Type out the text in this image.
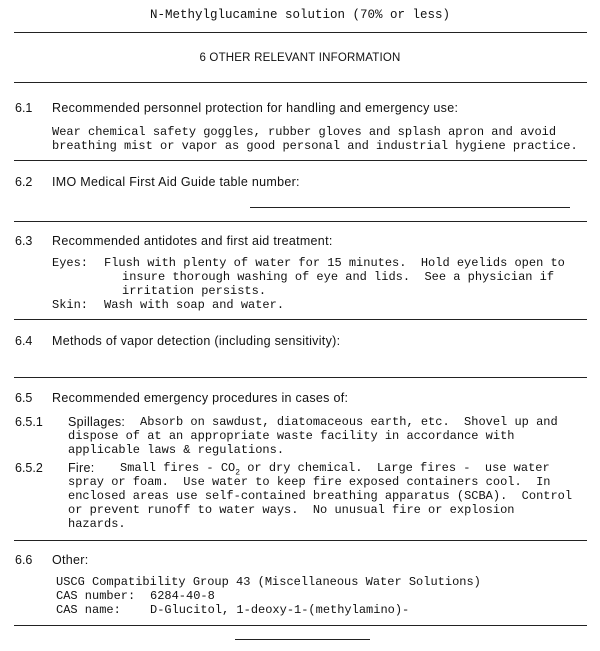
N-Methylglucamine solution (70% or less)
6 OTHER RELEVANT INFORMATION
6.1 Recommended personnel protection for handling and emergency use:
Wear chemical safety goggles, rubber gloves and splash apron and avoid
breathing mist or vapor as good personal and industrial hygiene practice.
6.2 IMO Medical First Aid Guide table number:
6.3 Recommended antidotes and first aid treatment:
Eyes: Flush with plenty of water for 15 minutes.  Hold eyelids open to
insure thorough washing of eye and lids.  See a physician if
irritation persists.
Skin: Wash with soap and water.
6.4 Methods of vapor detection (including sensitivity):
6.5 Recommended emergency procedures in cases of:
6.5.1 Spillages: Absorb on sawdust, diatomaceous earth, etc.  Shovel up and
dispose of at an appropriate waste facility in accordance with
applicable laws & regulations.
6.5.2 Fire: Small fires - $CO_2$ or dry chemical.  Large fires -  use water
spray or foam.  Use water to keep fire exposed containers cool.  In
enclosed areas use self-contained breathing apparatus (SCBA).  Control
or prevent runoff to water ways.  No unusual fire or explosion
hazards.
6.6 Other:
USCG Compatibility Group 43 (Miscellaneous Water Solutions)
CAS number: 6284-40-8
CAS name: D-Glucitol, 1-deoxy-1-(methylamino)-
